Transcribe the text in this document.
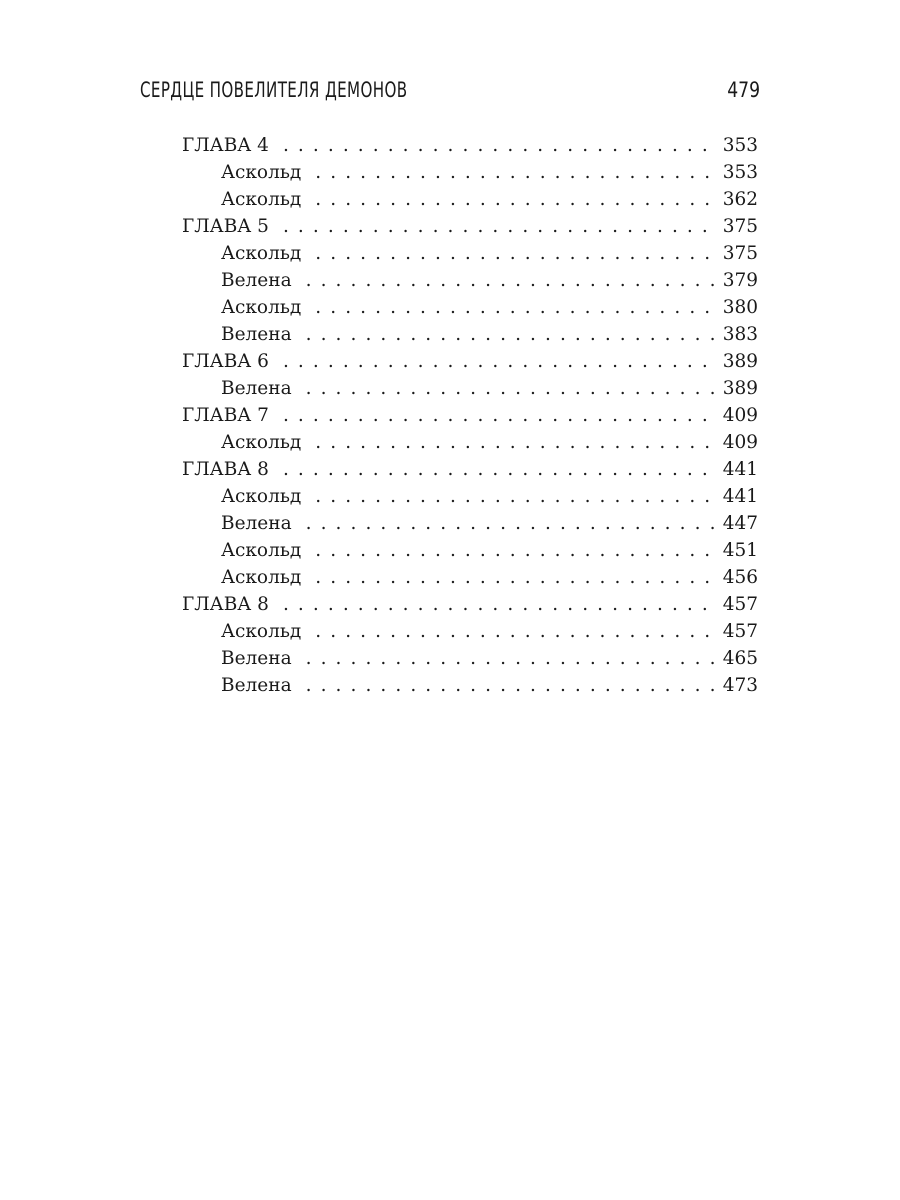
СЕРДЦЕ ПОВЕЛИТЕЛЯ ДЕМОНОВ	479
ГЛАВА 4 . . .	353
Аскольд . . .	353
Аскольд . . .	362
ГЛАВА 5 . . .	375
Аскольд . . .	375
Велена . . .	379
Аскольд . . .	380
Велена . . .	383
ГЛАВА 6 . . .	389
Велена . . .	389
ГЛАВА 7 . . .	409
Аскольд . . .	409
ГЛАВА 8 . . .	441
Аскольд . . .	441
Велена . . .	447
Аскольд . . .	451
Аскольд . . .	456
ГЛАВА 8 . . .	457
Аскольд . . .	457
Велена . . .	465
Велена . . .	473
